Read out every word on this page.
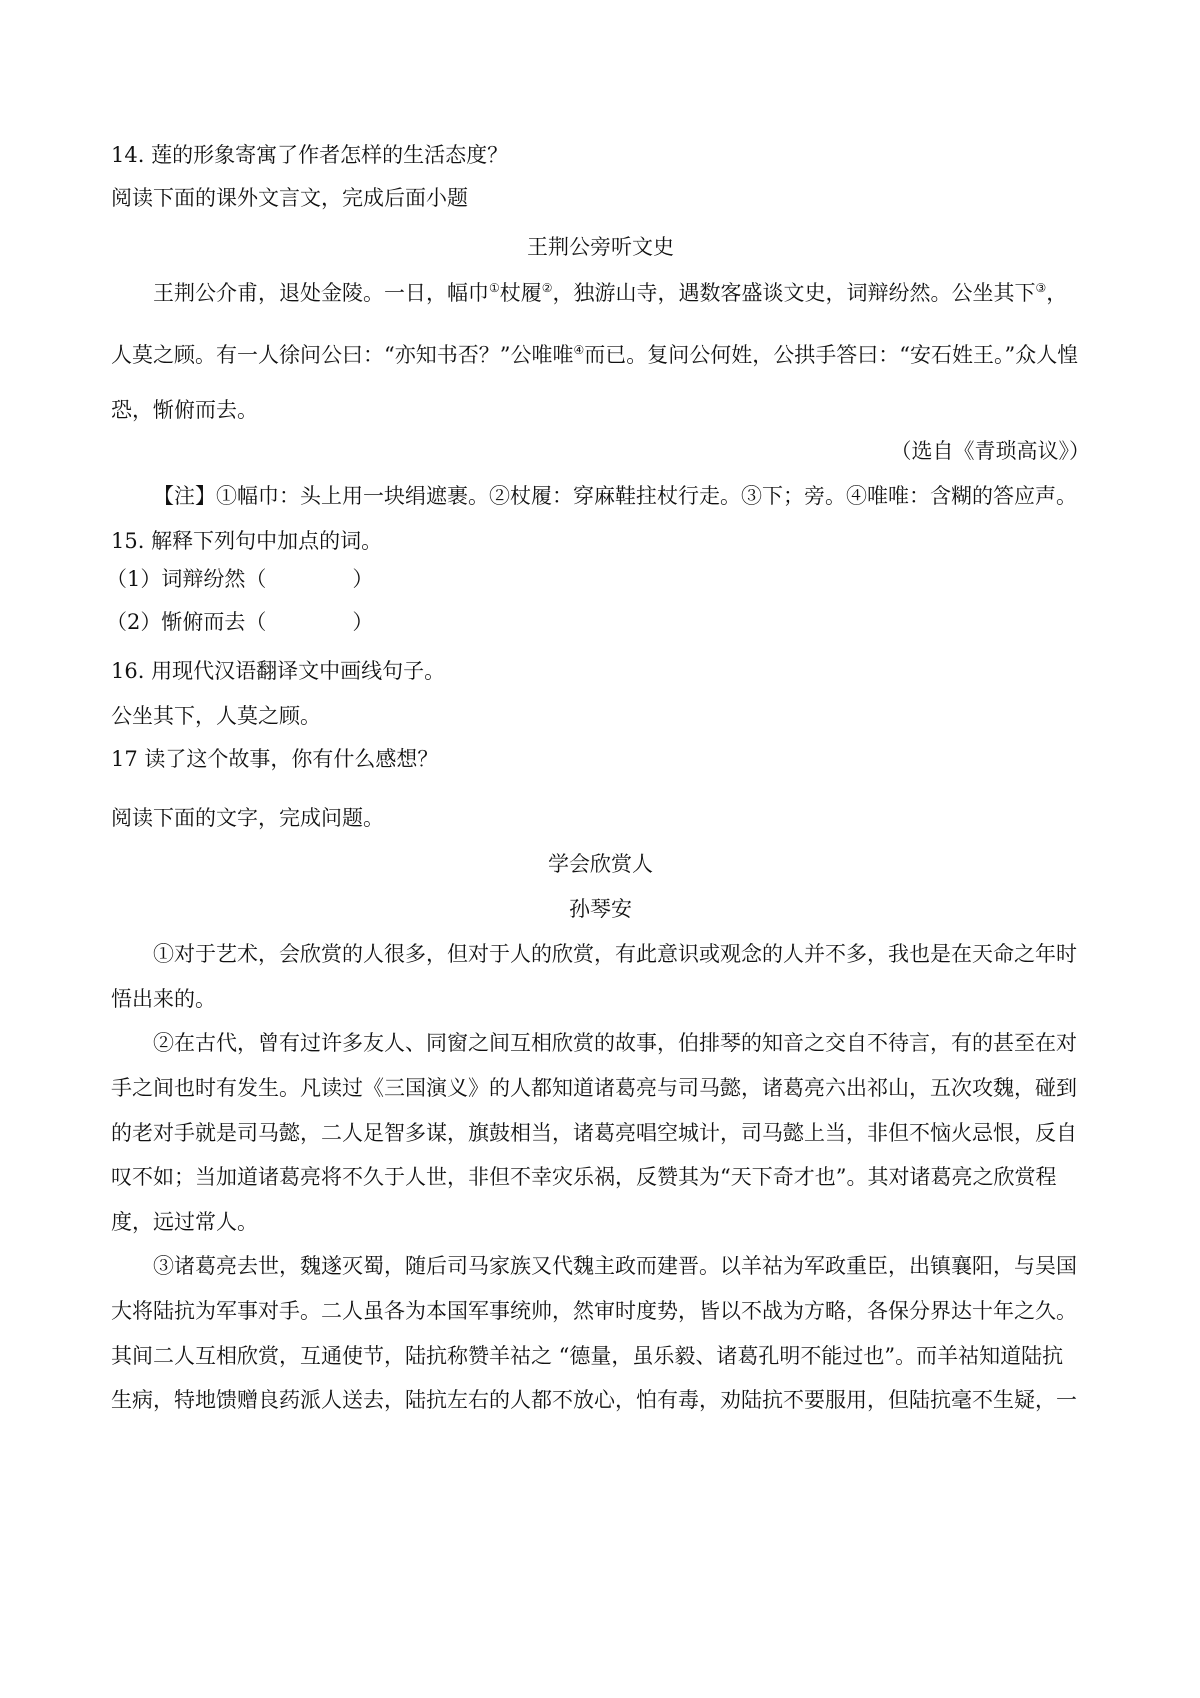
14. 莲的形象寄寓了作者怎样的生活态度？

阅读下面的课外文言文，完成后面小题

王荆公旁听文史

王荆公介甫，退处金陵。一日，幅巾①杖履②，独游山寺，遇数客盛谈文史，词辩纷然。公坐其下③，

人莫之顾。有一人徐问公曰：“亦知书否？”公唯唯④而已。复问公何姓，公拱手答曰：“安石姓王。”众人惶

恐，惭俯而去。

（选自《青琐高议》）

【注】①幅巾：头上用一块绢遮裹。②杖履：穿麻鞋拄杖行走。③下；旁。④唯唯：含糊的答应声。

15. 解释下列句中加点的词。

（1）词辩纷然（	）

（2）惭俯而去（	）

16. 用现代汉语翻译文中画线句子。

公坐其下，人莫之顾。

17 读了这个故事，你有什么感想？

阅读下面的文字，完成问题。

学会欣赏人

孙琴安

①对于艺术，会欣赏的人很多，但对于人的欣赏，有此意识或观念的人并不多，我也是在天命之年时

悟出来的。

②在古代，曾有过许多友人、同窗之间互相欣赏的故事，伯排琴的知音之交自不待言，有的甚至在对

手之间也时有发生。凡读过《三国演义》的人都知道诸葛亮与司马懿，诸葛亮六出祁山，五次攻魏，碰到

的老对手就是司马懿，二人足智多谋，旗鼓相当，诸葛亮唱空城计，司马懿上当，非但不恼火忌恨，反自

叹不如；当加道诸葛亮将不久于人世，非但不幸灾乐祸，反赞其为“天下奇才也”。其对诸葛亮之欣赏程

度，远过常人。

③诸葛亮去世，魏遂灭蜀，随后司马家族又代魏主政而建晋。以羊祜为军政重臣，出镇襄阳，与吴国

大将陆抗为军事对手。二人虽各为本国军事统帅，然审时度势，皆以不战为方略，各保分界达十年之久。

其间二人互相欣赏，互通使节，陆抗称赞羊祜之 “德量，虽乐毅、诸葛孔明不能过也”。而羊祜知道陆抗

生病，特地馈赠良药派人送去，陆抗左右的人都不放心，怕有毒，劝陆抗不要服用，但陆抗毫不生疑，一
